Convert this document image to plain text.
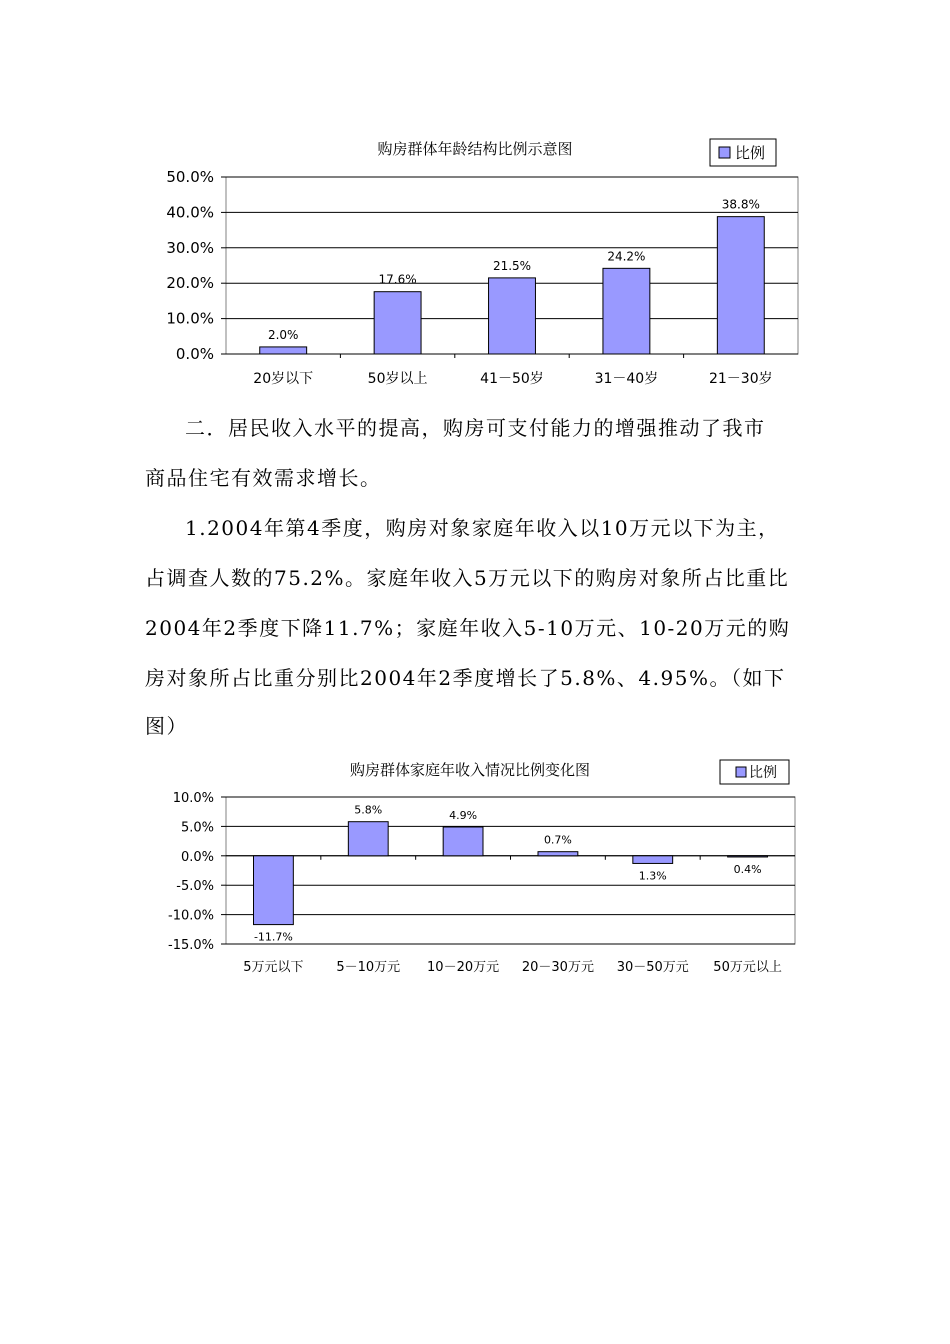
购房群体年龄结构比例示意图	比例
50.0%
40.0%
30.0%
20.0%
10.0%
0.0%
2.0%
17.6%
21.5%
24.2%
38.8%
20岁以下	50岁以上	41－50岁	31－40岁	21－30岁

二．居民收入水平的提高，购房可支付能力的增强推动了我市

商品住宅有效需求增长。

1.2004年第4季度，购房对象家庭年收入以10万元以下为主，

占调查人数的75.2%。家庭年收入5万元以下的购房对象所占比重比

2004年2季度下降11.7%；家庭年收入5-10万元、10-20万元的购

房对象所占比重分别比2004年2季度增长了5.8%、4.95%。（如下

图）

购房群体家庭年收入情况比例变化图	比例
10.0%
5.0%
0.0%
-5.0%
-10.0%
-15.0%
-11.7%
5.8%	4.9%
0.7%
1.3%	0.4%
5万元以下	5－10万元 10－20万元 20－30万元 30－50万元 50万元以上
